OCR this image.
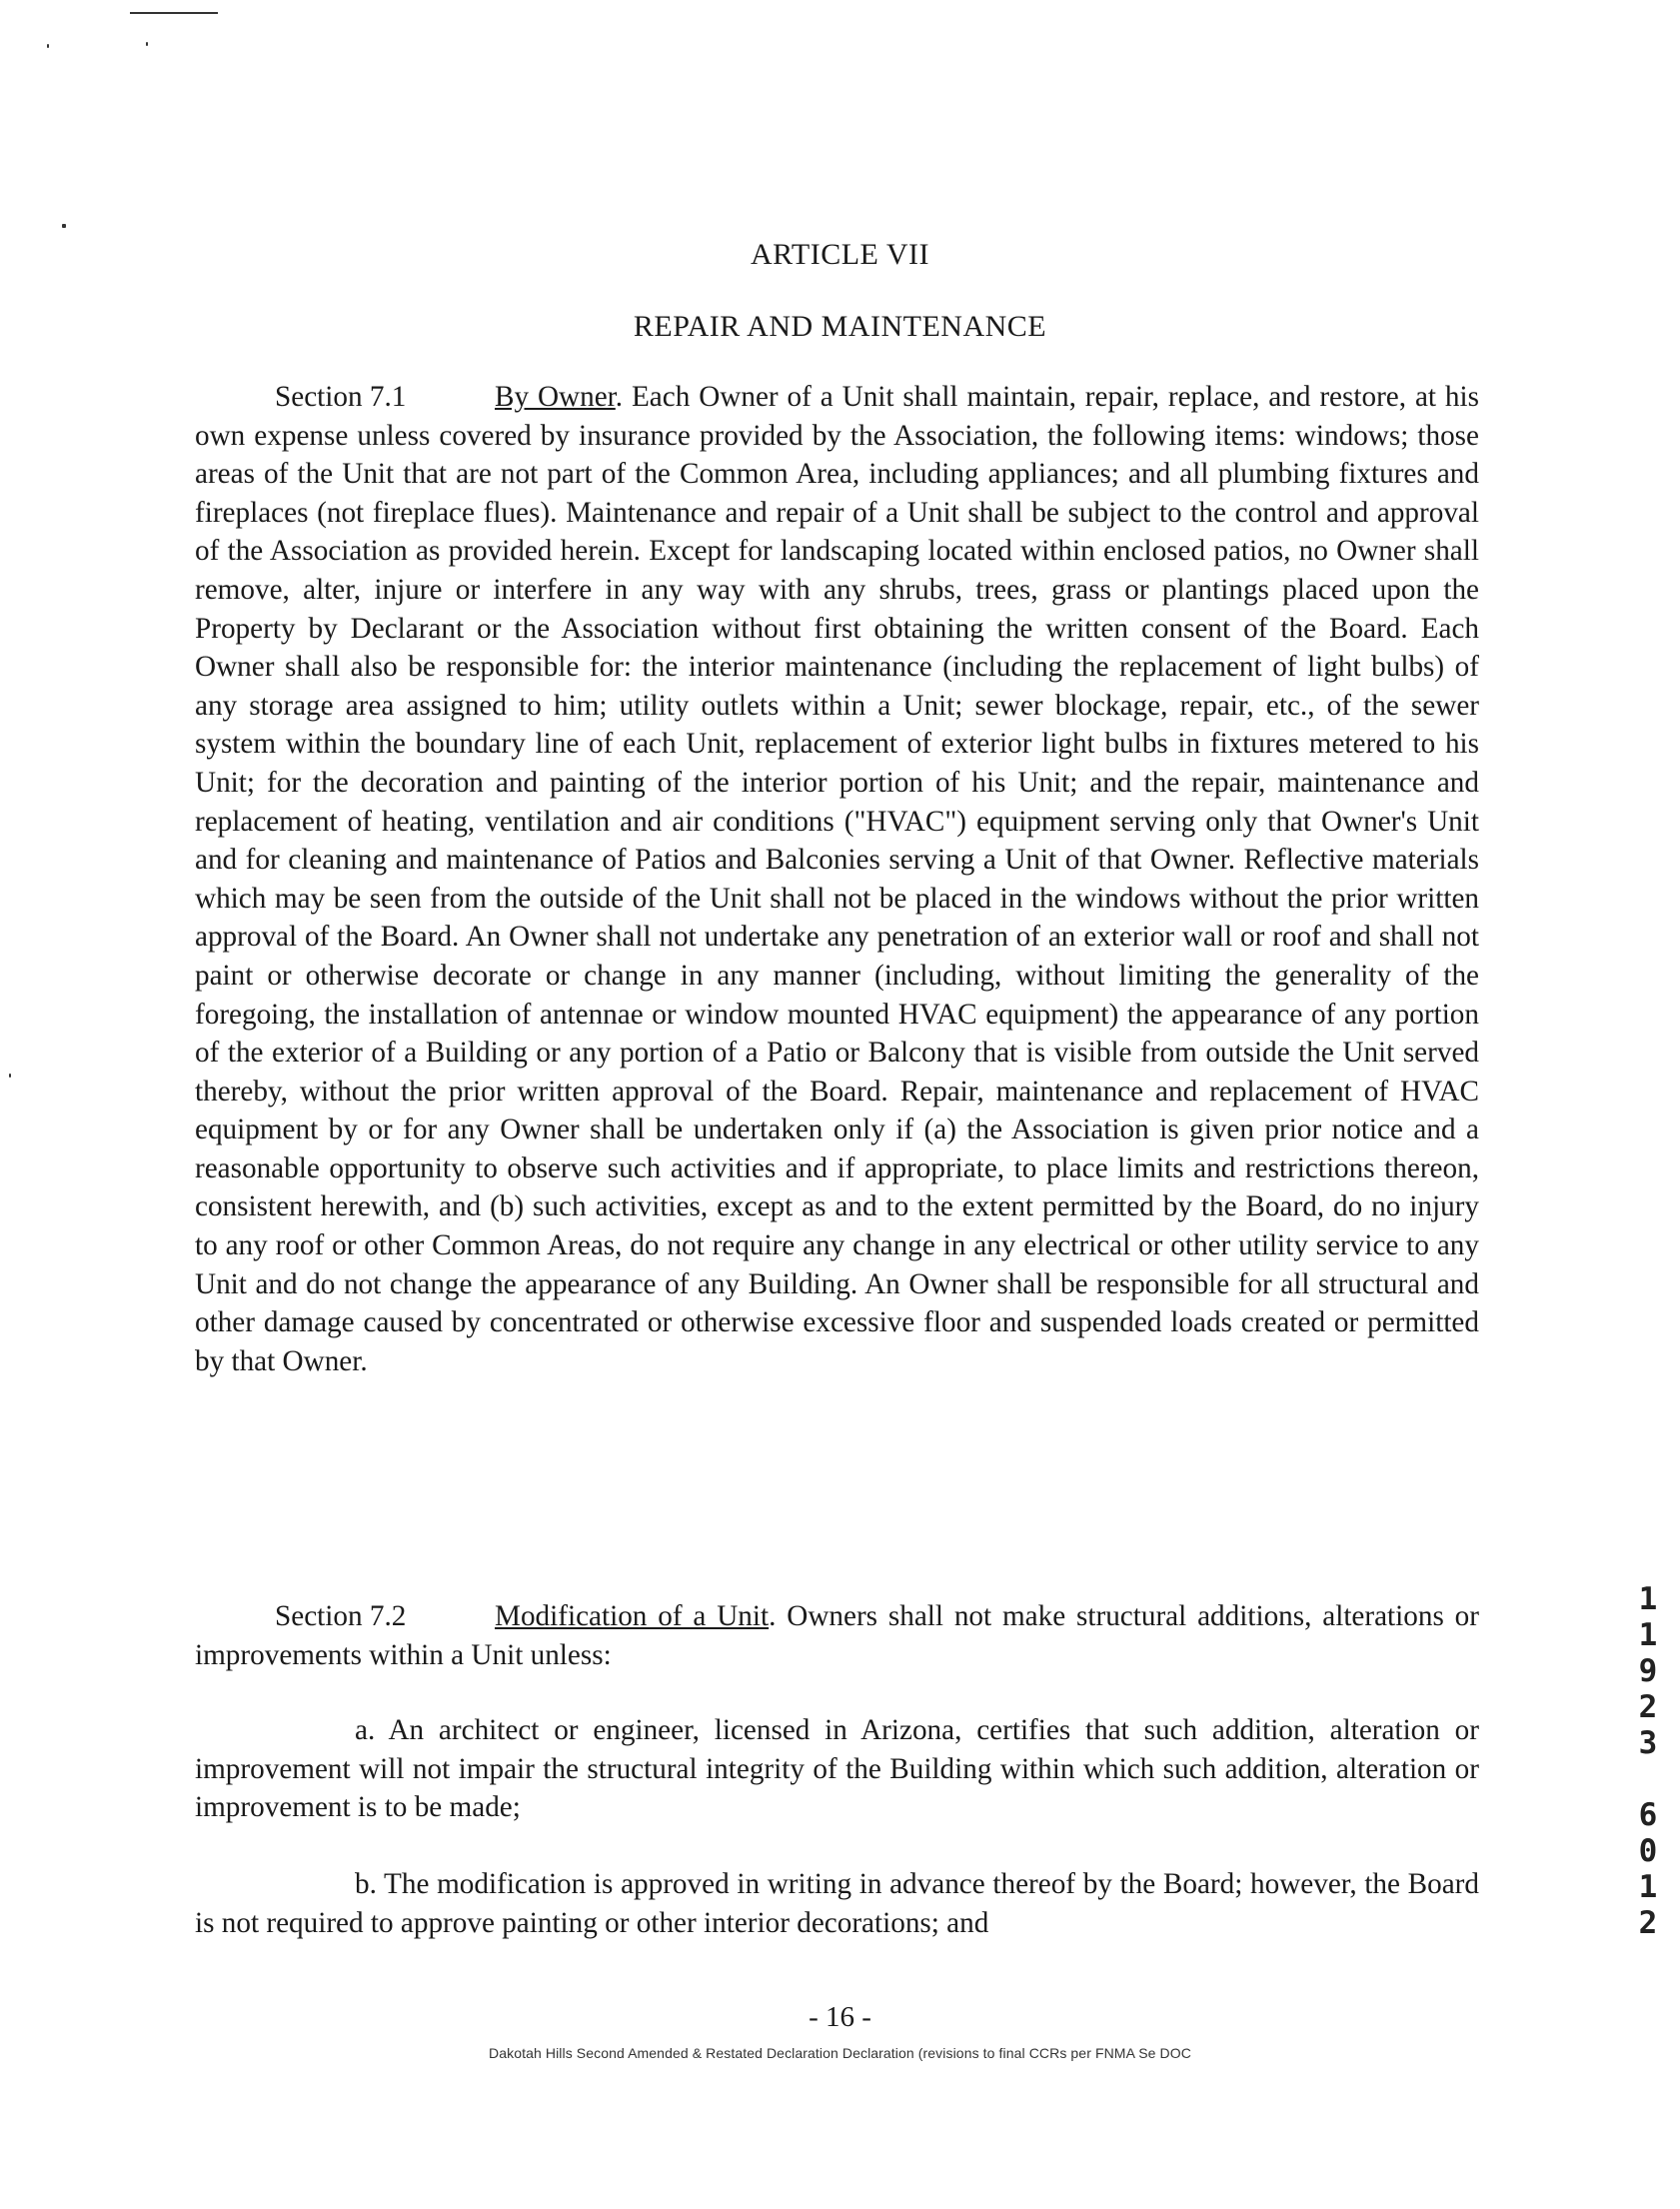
ARTICLE VII
REPAIR AND MAINTENANCE

Section 7.1	By Owner. Each Owner of a Unit shall maintain, repair, replace, and restore, at his own expense unless covered by insurance provided by the Association, the following items: windows; those areas of the Unit that are not part of the Common Area, including appliances; and all plumbing fixtures and fireplaces (not fireplace flues). Maintenance and repair of a Unit shall be subject to the control and approval of the Association as provided herein. Except for landscaping located within enclosed patios, no Owner shall remove, alter, injure or interfere in any way with any shrubs, trees, grass or plantings placed upon the Property by Declarant or the Association without first obtaining the written consent of the Board. Each Owner shall also be responsible for: the interior maintenance (including the replacement of light bulbs) of any storage area assigned to him; utility outlets within a Unit; sewer blockage, repair, etc., of the sewer system within the boundary line of each Unit, replacement of exterior light bulbs in fixtures metered to his Unit; for the decoration and painting of the interior portion of his Unit; and the repair, maintenance and replacement of heating, ventilation and air conditions ("HVAC") equipment serving only that Owner's Unit and for cleaning and maintenance of Patios and Balconies serving a Unit of that Owner. Reflective materials which may be seen from the outside of the Unit shall not be placed in the windows without the prior written approval of the Board. An Owner shall not undertake any penetration of an exterior wall or roof and shall not paint or otherwise decorate or change in any manner (including, without limiting the generality of the foregoing, the installation of antennae or window mounted HVAC equipment) the appearance of any portion of the exterior of a Building or any portion of a Patio or Balcony that is visible from outside the Unit served thereby, without the prior written approval of the Board. Repair, maintenance and replacement of HVAC equipment by or for any Owner shall be undertaken only if (a) the Association is given prior notice and a reasonable opportunity to observe such activities and if appropriate, to place limits and restrictions thereon, consistent herewith, and (b) such activities, except as and to the extent permitted by the Board, do no injury to any roof or other Common Areas, do not require any change in any electrical or other utility service to any Unit and do not change the appearance of any Building. An Owner shall be responsible for all structural and other damage caused by concentrated or otherwise excessive floor and suspended loads created or permitted by that Owner.

Section 7.2	Modification of a Unit. Owners shall not make structural additions, alterations or improvements within a Unit unless:

a. An architect or engineer, licensed in Arizona, certifies that such addition, alteration or improvement will not impair the structural integrity of the Building within which such addition, alteration or improvement is to be made;

b. The modification is approved in writing in advance thereof by the Board; however, the Board is not required to approve painting or other interior decorations; and

- 16 -
Dakotah Hills Second Amended & Restated Declaration Declaration (revisions to final CCRs per FNMA Se DOC
1
1
9
2
3
6
0
1
2
